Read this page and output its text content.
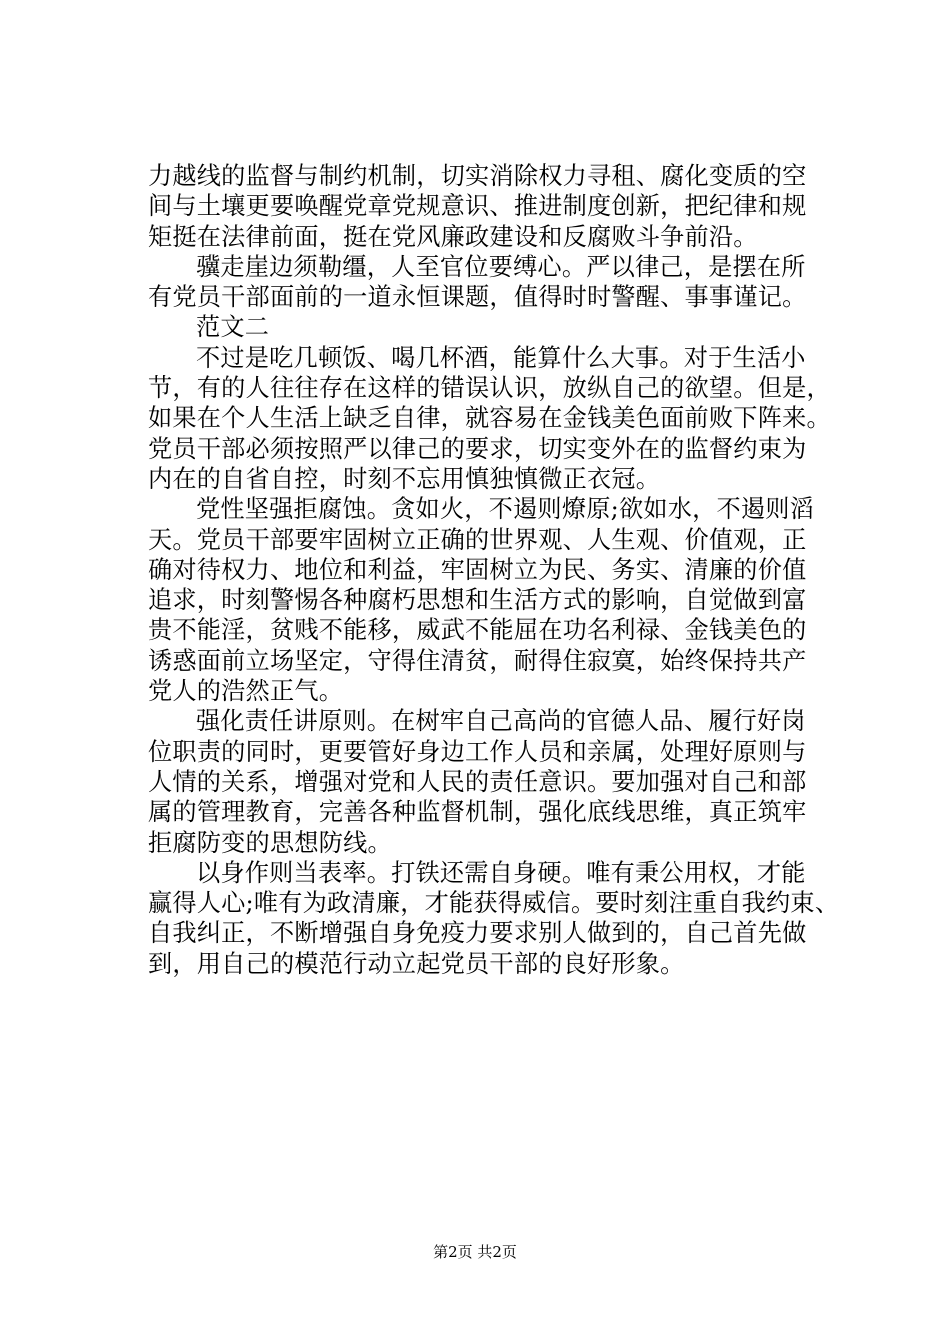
力越线的监督与制约机制，切实消除权力寻租、腐化变质的空
间与土壤更要唤醒党章党规意识、推进制度创新，把纪律和规
矩挺在法律前面，挺在党风廉政建设和反腐败斗争前沿。
骥走崖边须勒缰，人至官位要缚心。严以律己，是摆在所
有党员干部面前的一道永恒课题，值得时时警醒、事事谨记。
范文二
不过是吃几顿饭、喝几杯酒，能算什么大事。对于生活小
节，有的人往往存在这样的错误认识，放纵自己的欲望。但是，
如果在个人生活上缺乏自律，就容易在金钱美色面前败下阵来。
党员干部必须按照严以律己的要求，切实变外在的监督约束为
内在的自省自控，时刻不忘用慎独慎微正衣冠。
党性坚强拒腐蚀。贪如火，不遏则燎原;欲如水，不遏则滔
天。党员干部要牢固树立正确的世界观、人生观、价值观，正
确对待权力、地位和利益，牢固树立为民、务实、清廉的价值
追求，时刻警惕各种腐朽思想和生活方式的影响，自觉做到富
贵不能淫，贫贱不能移，威武不能屈在功名利禄、金钱美色的
诱惑面前立场坚定，守得住清贫，耐得住寂寞，始终保持共产
党人的浩然正气。
强化责任讲原则。在树牢自己高尚的官德人品、履行好岗
位职责的同时，更要管好身边工作人员和亲属，处理好原则与
人情的关系，增强对党和人民的责任意识。要加强对自己和部
属的管理教育，完善各种监督机制，强化底线思维，真正筑牢
拒腐防变的思想防线。
以身作则当表率。打铁还需自身硬。唯有秉公用权，才能
赢得人心;唯有为政清廉，才能获得威信。要时刻注重自我约束、
自我纠正，不断增强自身免疫力要求别人做到的，自己首先做
到，用自己的模范行动立起党员干部的良好形象。
第2页 共2页
